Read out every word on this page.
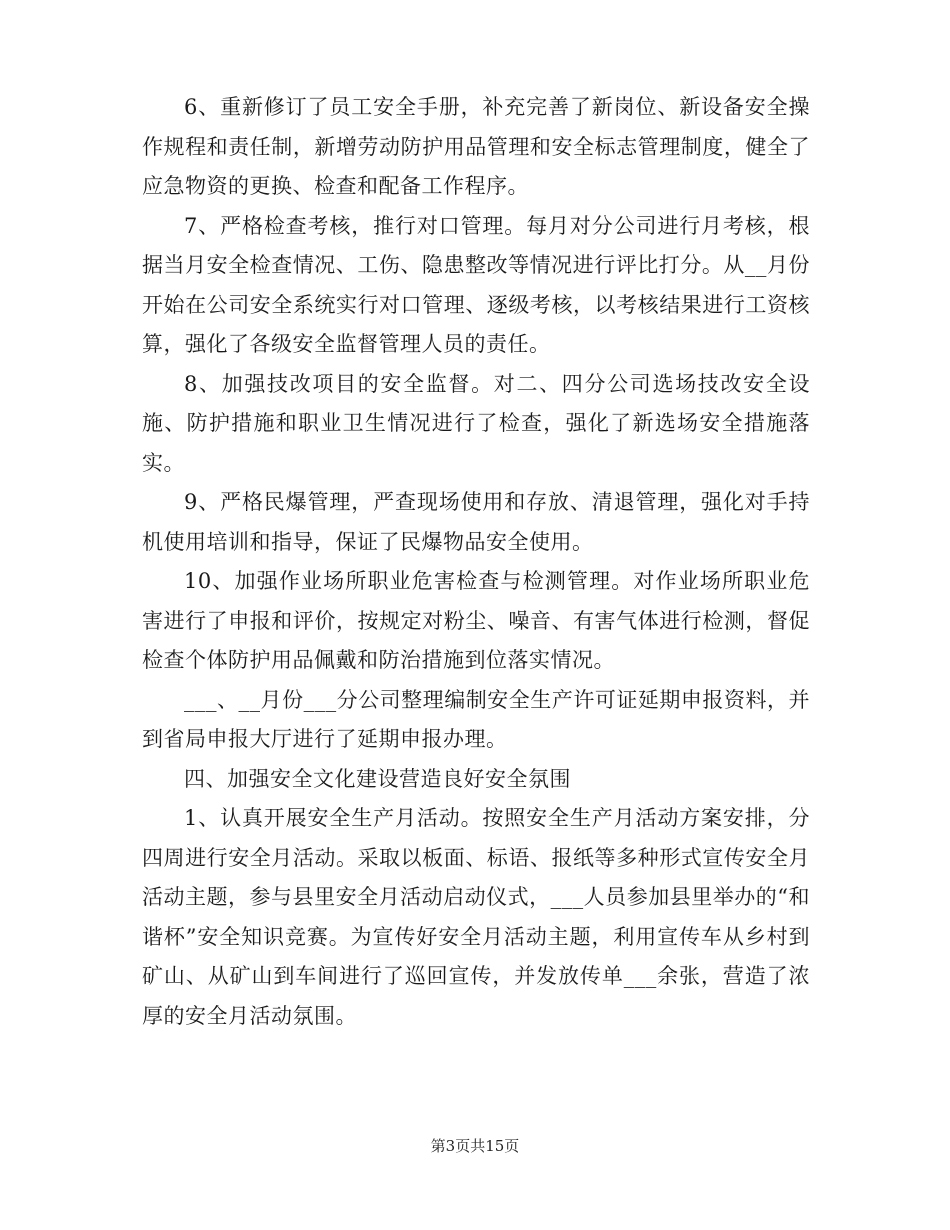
6、重新修订了员工安全手册，补充完善了新岗位、新设备安全操作规程和责任制，新增劳动防护用品管理和安全标志管理制度，健全了应急物资的更换、检查和配备工作程序。

7、严格检查考核，推行对口管理。每月对分公司进行月考核，根据当月安全检查情况、工伤、隐患整改等情况进行评比打分。从__月份开始在公司安全系统实行对口管理、逐级考核，以考核结果进行工资核算，强化了各级安全监督管理人员的责任。

8、加强技改项目的安全监督。对二、四分公司选场技改安全设施、防护措施和职业卫生情况进行了检查，强化了新选场安全措施落实。

9、严格民爆管理，严查现场使用和存放、清退管理，强化对手持机使用培训和指导，保证了民爆物品安全使用。

10、加强作业场所职业危害检查与检测管理。对作业场所职业危害进行了申报和评价，按规定对粉尘、噪音、有害气体进行检测，督促检查个体防护用品佩戴和防治措施到位落实情况。

___、__月份___分公司整理编制安全生产许可证延期申报资料，并到省局申报大厅进行了延期申报办理。

四、加强安全文化建设营造良好安全氛围

1、认真开展安全生产月活动。按照安全生产月活动方案安排，分四周进行安全月活动。采取以板面、标语、报纸等多种形式宣传安全月活动主题，参与县里安全月活动启动仪式，___人员参加县里举办的“和谐杯”安全知识竞赛。为宣传好安全月活动主题，利用宣传车从乡村到矿山、从矿山到车间进行了巡回宣传，并发放传单___余张，营造了浓厚的安全月活动氛围。

第3页共15页
